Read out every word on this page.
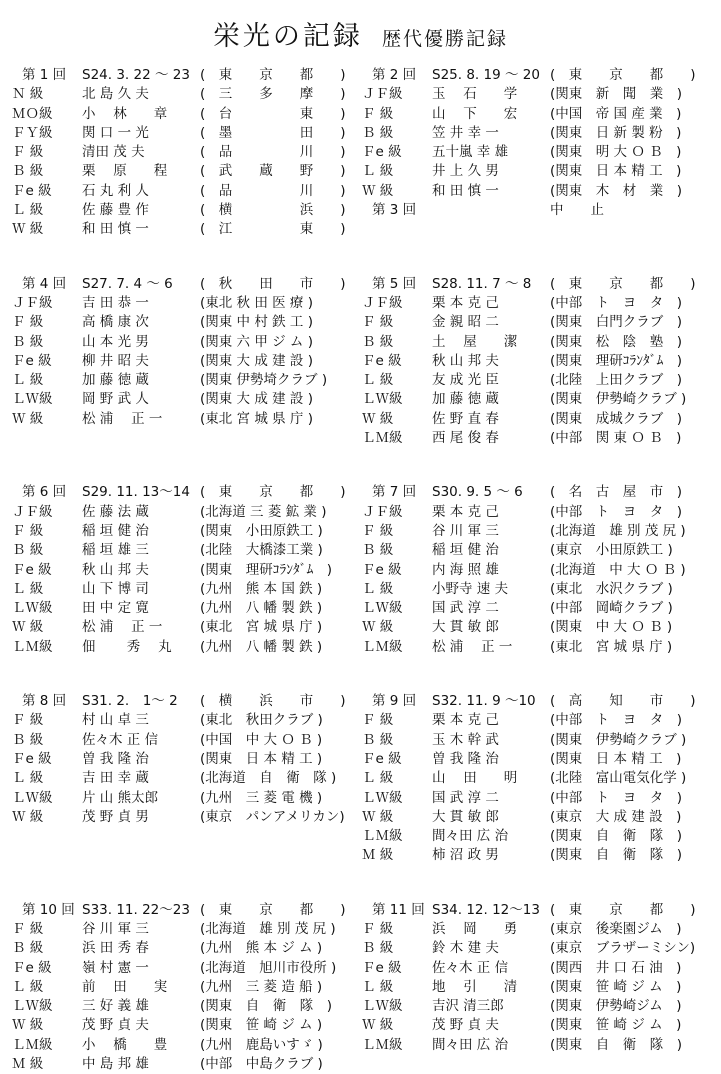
栄光の記録 歴代優勝記録
第 1 回	S24. 3. 22 ～ 23 (　東　　京　　都　　)
Ｎ 級	北 島 久 夫	(　三　　多　　摩　　)
ＭＯ級	小　 林　　章	(　台　　　　　東　　)
ＦＹ級	関 口 一 光	(　墨　　　　　田　　)
Ｆ 級	清田 茂 夫	(　品　　　　　川　　)
Ｂ 級	栗　 原　　程	(　武　　蔵　　野　　)
Ｆe 級	石 丸 利 人	(　品　　　　　川　　)
Ｌ 級	佐 藤 豊 作	(　横　　　　　浜　　)
Ｗ 級	和 田 慎 一	(　江　　　　　東　　)
第 2 回	S25. 8. 19 ～ 20 (　東　　京　　都　　)
ＪＦ級	玉　 石　　学	(関東　新　聞　業　)
Ｆ 級	山　 下　　宏	(中国　帝 国 産 業　)
Ｂ 級	笠 井 幸 一	(関東　日 新 製 粉　)
Ｆe 級	五十嵐 幸 雄	(関東　明 大 Ｏ Ｂ　)
Ｌ 級	井 上 久 男	(関東　日 本 精 工　)
Ｗ 級	和 田 慎 一	(関東　木　材　業　)
第 3 回	中　　止
第 4 回	S27. 7. 4 ～ 6	(　秋　　田　　市　　)
ＪＦ級	吉 田 恭 一	(東北 秋 田 医 療 )
Ｆ 級	高 橋 康 次	(関東 中 村 鉄 工 )
Ｂ 級	山 本 光 男	(関東 六 甲 ジ ム )
Ｆe 級	柳 井 昭 夫	(関東 大 成 建 設 )
Ｌ 級	加 藤 徳 蔵	(関東 伊勢埼クラブ )
ＬＷ級	岡 野 武 人	(関東 大 成 建 設 )
Ｗ 級	松 浦　 正 一	(東北 宮 城 県 庁 )
第 5 回	S28. 11. 7 ～ 8	(　東　　京　　都　　)
ＪＦ級	栗 本 克 己	(中部　ト　ヨ　タ　)
Ｆ 級	金 親 昭 二	(関東　白門クラブ　)
Ｂ 級	土　 屋　　潔	(関東　松　陰　塾　)
Ｆe 級	秋 山 邦 夫	(関東　理研ｺﾗﾝﾀﾞﾑ　)
Ｌ 級	友 成 光 臣	(北陸　上田クラブ　)
ＬＷ級	加 藤 徳 蔵	(関東　伊勢崎クラブ )
Ｗ 級	佐 野 直 春	(関東　成城クラブ　)
ＬＭ級	西 尾 俊 春	(中部　関 東 Ｏ Ｂ　)
第 6 回	S29. 11. 13～14 (　東　　京　　都　　)
ＪＦ級	佐 藤 法 蔵	(北海道 三 菱 鉱 業 )
Ｆ 級	稲 垣 健 治	(関東　小田原鉄工 )
Ｂ 級	稲 垣 雄 三	(北陸　大橋漆工業 )
Ｆe 級	秋 山 邦 夫	(関東　理研ｺﾗﾝﾀﾞﾑ　)
Ｌ 級	山 下 博 司	(九州　熊 本 国 鉄 )
ＬＷ級	田 中 定 寛	(九州　八 幡 製 鉄 )
Ｗ 級	松 浦　 正 一	(東北　宮 城 県 庁 )
ＬＭ級	佃　　 秀　 丸	(九州　八 幡 製 鉄 )
第 7 回	S30. 9. 5 ～ 6	(　名　古　屋　市　)
ＪＦ級	栗 本 克 己	(中部　ト　ヨ　タ　)
Ｆ 級	谷 川 軍 三	(北海道　雄 別 茂 尻 )
Ｂ 級	稲 垣 健 治	(東京　小田原鉄工 )
Ｆe 級	内 海 照 雄	(北海道　中 大 Ｏ Ｂ )
Ｌ 級	小野寺 速 夫	(東北　水沢クラブ )
ＬＷ級	国 武 淳 二	(中部　岡崎クラブ )
Ｗ 級	大 貫 敏 郎	(関東　中 大 Ｏ Ｂ )
ＬＭ級	松 浦　 正 一	(東北　宮 城 県 庁 )
第 8 回	S31. 2.　1～ 2	(　横　　浜　　市　　)
Ｆ 級	村 山 卓 三	(東北　秋田クラブ )
Ｂ 級	佐々木 正 信	(中国　中 大 Ｏ Ｂ )
Ｆe 級	曽 我 隆 治	(関東　日 本 精 工 )
Ｌ 級	吉 田 幸 蔵	(北海道　自　衛　隊 )
ＬＷ級	片 山 熊太郎	(九州　三 菱 電 機 )
Ｗ 級	茂 野 貞 男	(東京　パンアメリカン)
第 9 回	S32. 11. 9 ～10	(　高　　知　　市　　)
Ｆ 級	栗 本 克 己	(中部　ト　ヨ　タ　)
Ｂ 級	玉 木 幹 武	(関東　伊勢崎クラブ )
Ｆe 級	曽 我 隆 治	(関東　日 本 精 工　)
Ｌ 級	山　 田　　明	(北陸　富山電気化学 )
ＬＷ級	国 武 淳 二	(中部　ト　ヨ　タ　)
Ｗ 級	大 貫 敏 郎	(東京　大 成 建 設　)
ＬＭ級	間々田 広 治	(関東　自　衛　隊　)
Ｍ 級	柿 沼 政 男	(関東　自　衛　隊　)
第 10 回 S33. 11. 22～23 (　東　　京　　都　　)
Ｆ 級	谷 川 軍 三	(北海道　雄 別 茂 尻 )
Ｂ 級	浜 田 秀 春	(九州　熊 本 ジ ム )
Ｆe 級	嶺 村 憲 一	(北海道　旭川市役所 )
Ｌ 級	前　 田　　実	(九州　三 菱 造 船 )
ＬＷ級	三 好 義 雄	(関東　自　衛　隊　)
Ｗ 級	茂 野 貞 夫	(関東　笹 崎 ジ ム )
ＬＭ級	小　 橋　　豊	(九州　鹿島いすゞ )
Ｍ 級	中 島 邦 雄	(中部　中島クラブ )
第 11 回 S34. 12. 12～13 (　東　　京　　都　　)
Ｆ 級	浜　 岡　　勇	(東京　後楽園ジム　)
Ｂ 級	鈴 木 建 夫	(東京　ブラザーミシン)
Ｆe 級	佐々木 正 信	(関西　井 口 石 油　)
Ｌ 級	地　 引　　清	(関東　笹 崎 ジ ム　)
ＬＷ級	吉沢 清三郎	(関東　伊勢崎ジム　)
Ｗ 級	茂 野 貞 夫	(関東　笹 崎 ジ ム　)
ＬＭ級	間々田 広 治	(関東　自　衛　隊　)
